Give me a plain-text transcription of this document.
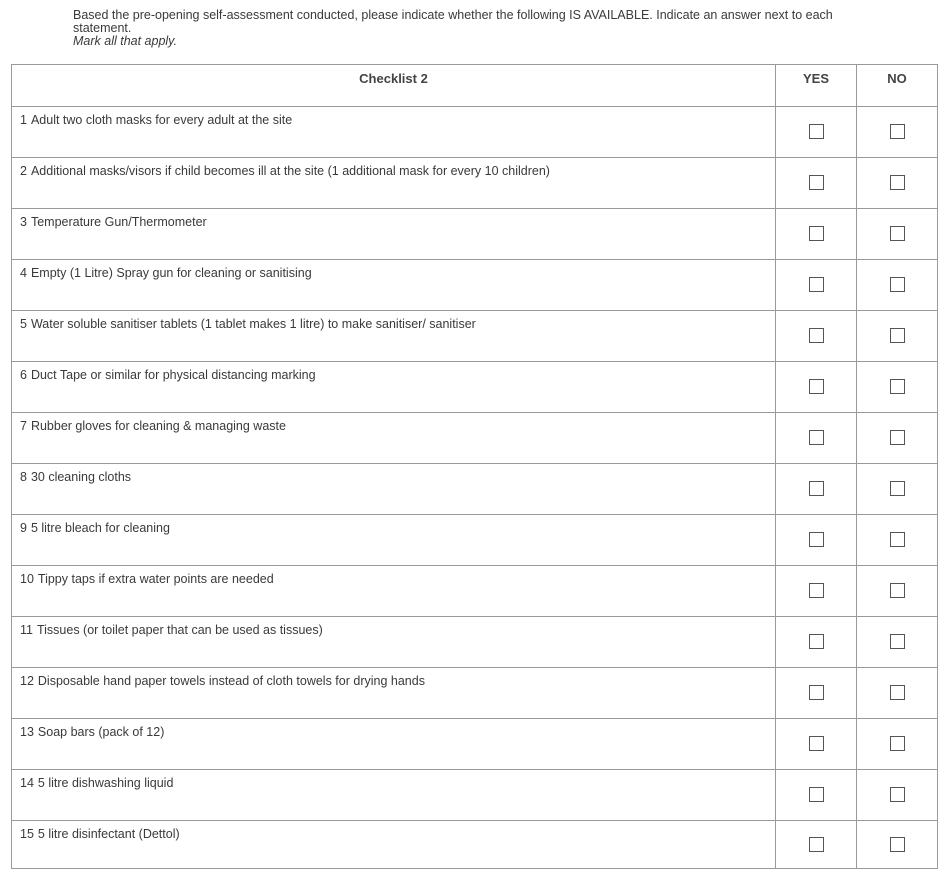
Based the pre-opening self-assessment conducted, please indicate whether the following IS AVAILABLE. Indicate an answer next to each
statement.
Mark all that apply.
Checklist 2	YES	NO
1 Adult two cloth masks for every adult at the site		
2 Additional masks/visors if child becomes ill at the site (1 additional mask for every 10 children)		
3 Temperature Gun/Thermometer		
4 Empty (1 Litre) Spray gun for cleaning or sanitising		
5 Water soluble sanitiser tablets (1 tablet makes 1 litre) to make sanitiser/ sanitiser		
6 Duct Tape or similar for physical distancing marking		
7 Rubber gloves for cleaning & managing waste		
8 30 cleaning cloths		
9 5 litre bleach for cleaning		
10 Tippy taps if extra water points are needed		
11 Tissues (or toilet paper that can be used as tissues)		
12 Disposable hand paper towels instead of cloth towels for drying hands		
13 Soap bars (pack of 12)		
14 5 litre dishwashing liquid		
15 5 litre disinfectant (Dettol)		
